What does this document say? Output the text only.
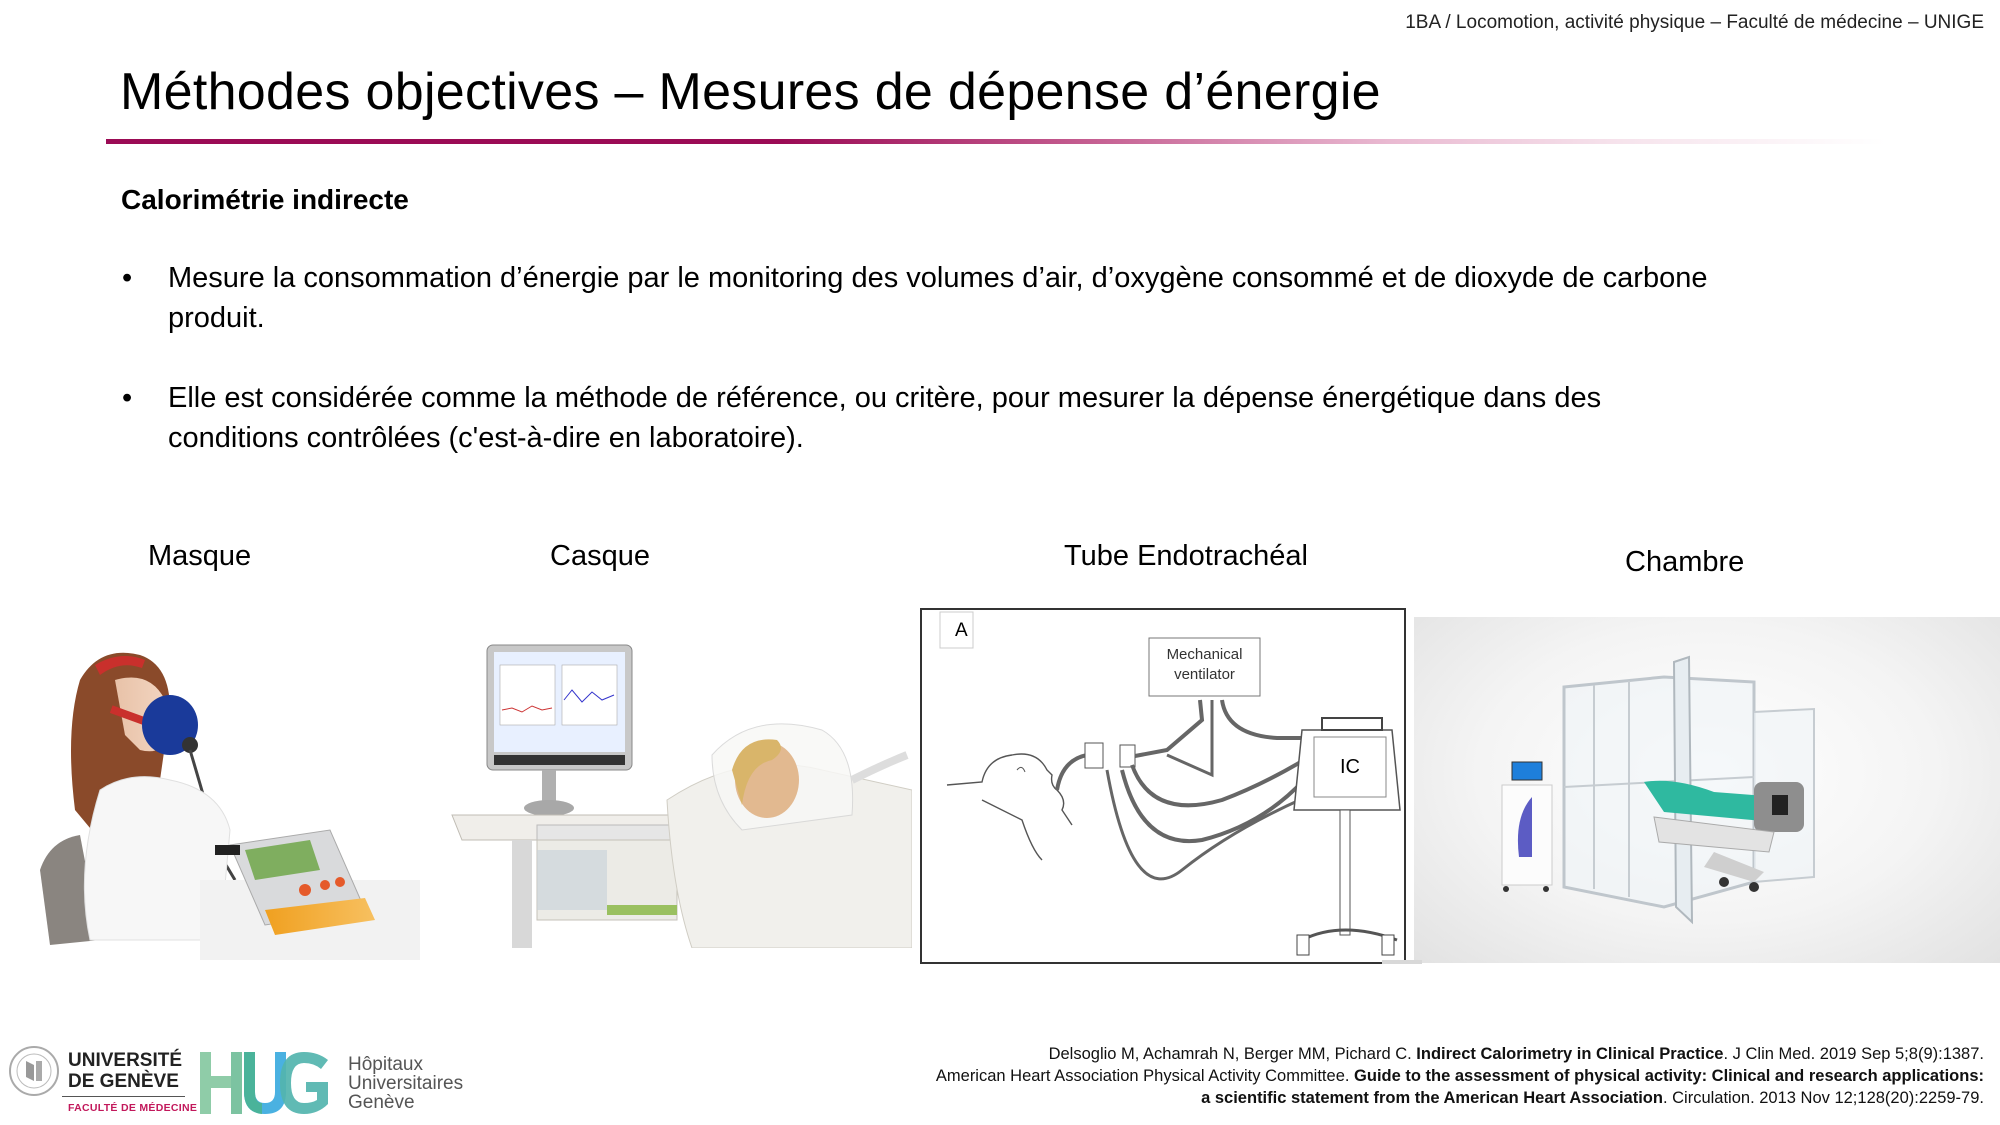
1BA / Locomotion, activité physique – Faculté de médecine – UNIGE
Méthodes objectives – Mesures de dépense d’énergie
Calorimétrie indirecte
• Mesure la consommation d’énergie par le monitoring des volumes d’air, d’oxygène consommé et de dioxyde de carbone
produit.
• Elle est considérée comme la méthode de référence, ou critère, pour mesurer la dépense énergétique dans des
conditions contrôlées (c'est-à-dire en laboratoire).
Masque	Casque	Tube Endotrachéal	Chambre
A
Mechanical
ventilator
IC
UNIVERSITÉ
DE GENÈVE
FACULTÉ DE MÉDECINE
Hôpitaux
Universitaires
Genève
Delsoglio M, Achamrah N, Berger MM, Pichard C. Indirect Calorimetry in Clinical Practice. J Clin Med. 2019 Sep 5;8(9):1387.
American Heart Association Physical Activity Committee. Guide to the assessment of physical activity: Clinical and research applications:
a scientific statement from the American Heart Association. Circulation. 2013 Nov 12;128(20):2259-79.
